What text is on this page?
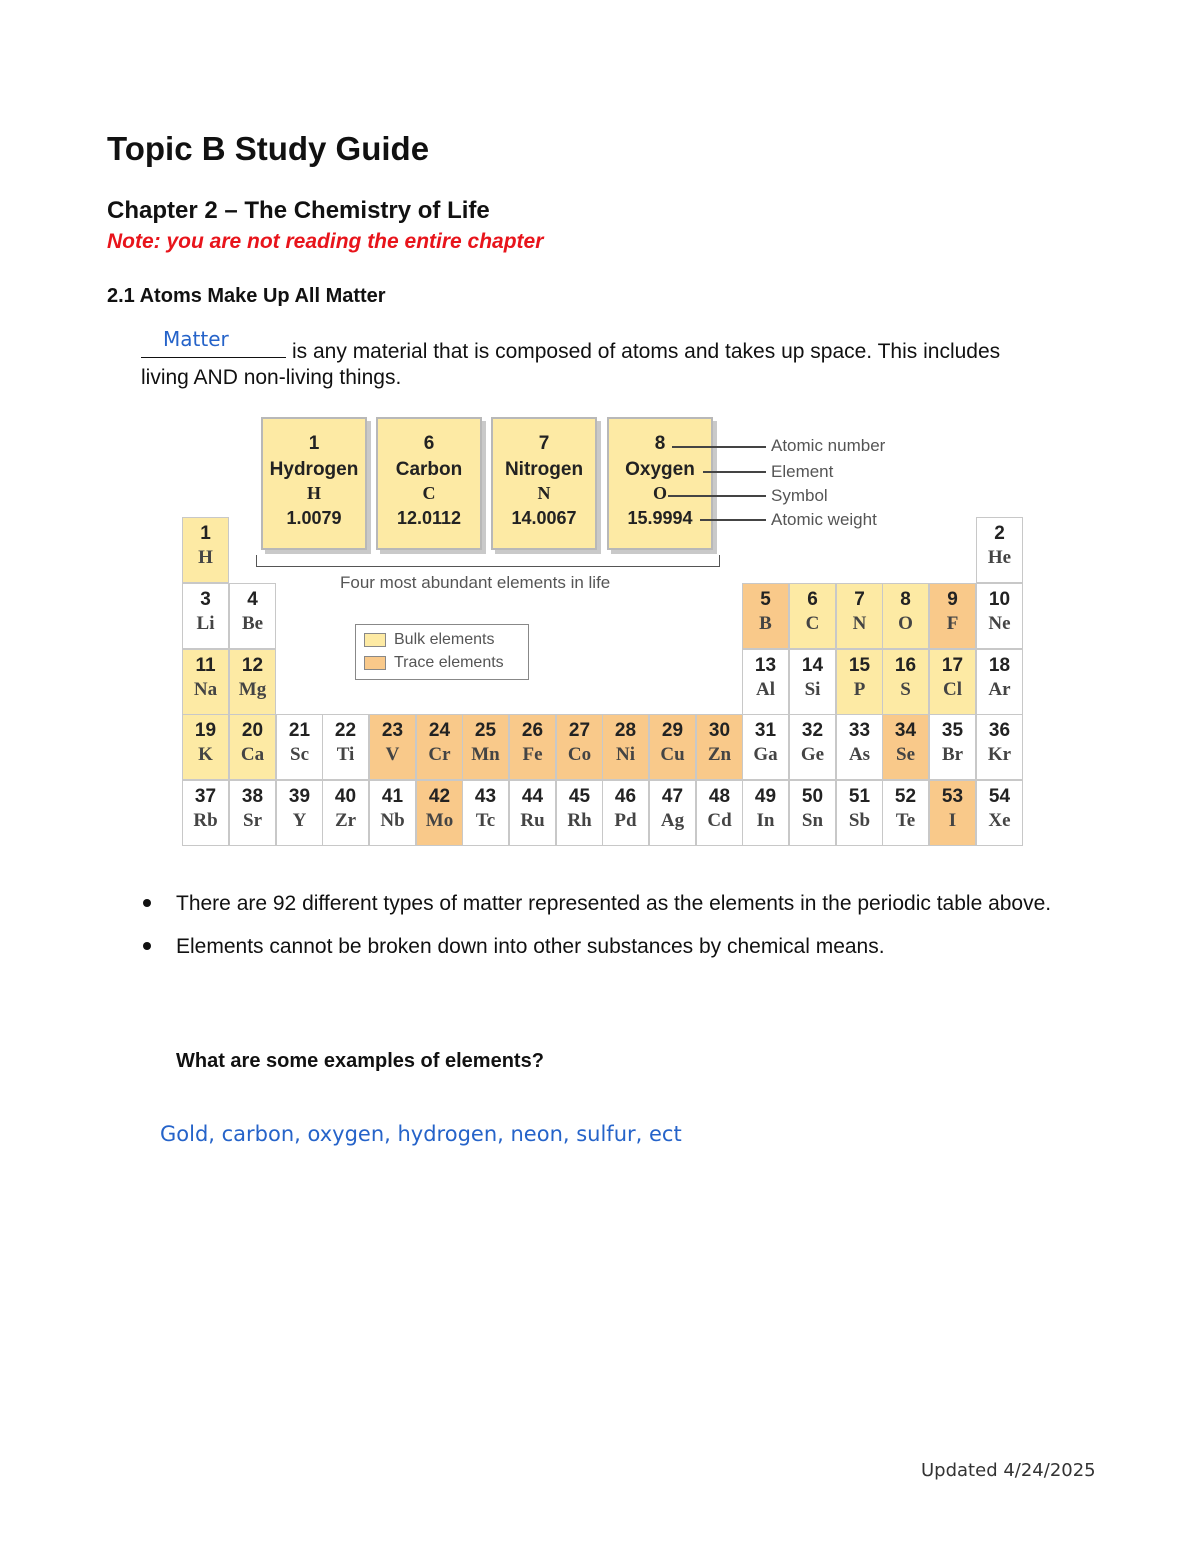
Topic B Study Guide
Chapter 2 – The Chemistry of Life
Note: you are not reading the entire chapter
2.1 Atoms Make Up All Matter
Matter
is any material that is composed of atoms and takes up space. This includes
living AND non-living things.
1
Hydrogen
H
1.0079
6
Carbon
C
12.0112
7
Nitrogen
N
14.0067
8
Oxygen
O
15.9994
Atomic number
Element
Symbol
Atomic weight
Four most abundant elements in life
Bulk elements
Trace elements
1
H
2
He
3
Li
4
Be
5
B
6
C
7
N
8
O
9
F
10
Ne
11
Na
12
Mg
13
Al
14
Si
15
P
16
S
17
Cl
18
Ar
19
K
20
Ca
21
Sc
22
Ti
23
V
24
Cr
25
Mn
26
Fe
27
Co
28
Ni
29
Cu
30
Zn
31
Ga
32
Ge
33
As
34
Se
35
Br
36
Kr
37
Rb
38
Sr
39
Y
40
Zr
41
Nb
42
Mo
43
Tc
44
Ru
45
Rh
46
Pd
47
Ag
48
Cd
49
In
50
Sn
51
Sb
52
Te
53
I
54
Xe
There are 92 different types of matter represented as the elements in the periodic table above.
Elements cannot be broken down into other substances by chemical means.
What are some examples of elements?
Gold, carbon, oxygen, hydrogen, neon, sulfur, ect
Updated 4/24/2025
